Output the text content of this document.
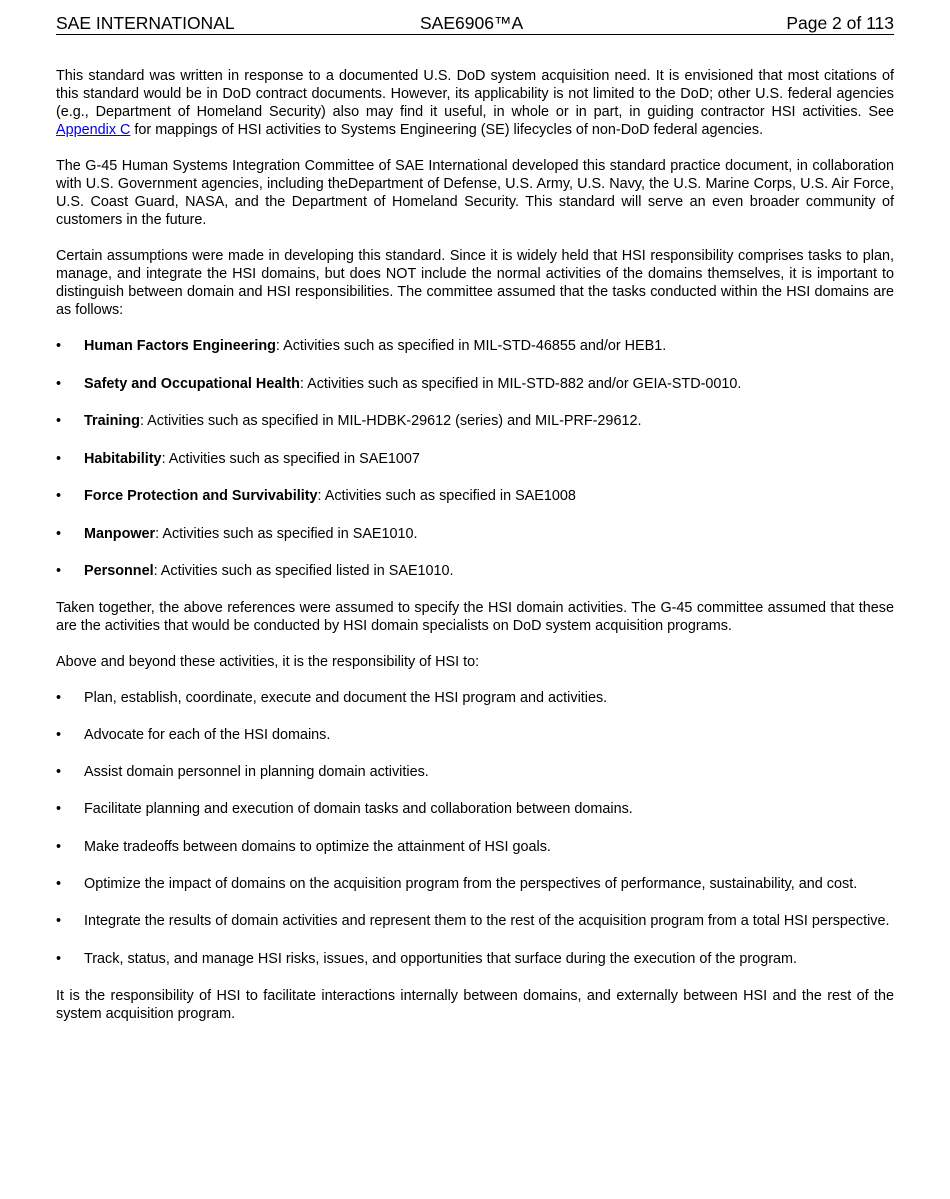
SAE INTERNATIONAL	SAE6906™A	Page 2 of 113

This standard was written in response to a documented U.S. DoD system acquisition need. It is envisioned that most citations of this standard would be in DoD contract documents. However, its applicability is not limited to the DoD; other U.S. federal agencies (e.g., Department of Homeland Security) also may find it useful, in whole or in part, in guiding contractor HSI activities. See Appendix C for mappings of HSI activities to Systems Engineering (SE) lifecycles of non-DoD federal agencies.

The G-45 Human Systems Integration Committee of SAE International developed this standard practice document, in collaboration with U.S. Government agencies, including theDepartment of Defense, U.S. Army, U.S. Navy, the U.S. Marine Corps, U.S. Air Force, U.S. Coast Guard, NASA, and the Department of Homeland Security. This standard will serve an even broader community of customers in the future.

Certain assumptions were made in developing this standard. Since it is widely held that HSI responsibility comprises tasks to plan, manage, and integrate the HSI domains, but does NOT include the normal activities of the domains themselves, it is important to distinguish between domain and HSI responsibilities. The committee assumed that the tasks conducted within the HSI domains are as follows:

•	Human Factors Engineering: Activities such as specified in MIL-STD-46855 and/or HEB1.
•	Safety and Occupational Health: Activities such as specified in MIL-STD-882 and/or GEIA-STD-0010.
•	Training: Activities such as specified in MIL-HDBK-29612 (series) and MIL-PRF-29612.
•	Habitability: Activities such as specified in SAE1007
•	Force Protection and Survivability: Activities such as specified in SAE1008
•	Manpower: Activities such as specified in SAE1010.
•	Personnel: Activities such as specified listed in SAE1010.

Taken together, the above references were assumed to specify the HSI domain activities. The G-45 committee assumed that these are the activities that would be conducted by HSI domain specialists on DoD system acquisition programs.

Above and beyond these activities, it is the responsibility of HSI to:

•	Plan, establish, coordinate, execute and document the HSI program and activities.
•	Advocate for each of the HSI domains.
•	Assist domain personnel in planning domain activities.
•	Facilitate planning and execution of domain tasks and collaboration between domains.
•	Make tradeoffs between domains to optimize the attainment of HSI goals.
•	Optimize the impact of domains on the acquisition program from the perspectives of performance, sustainability, and cost.
•	Integrate the results of domain activities and represent them to the rest of the acquisition program from a total HSI perspective.
•	Track, status, and manage HSI risks, issues, and opportunities that surface during the execution of the program.

It is the responsibility of HSI to facilitate interactions internally between domains, and externally between HSI and the rest of the system acquisition program.
